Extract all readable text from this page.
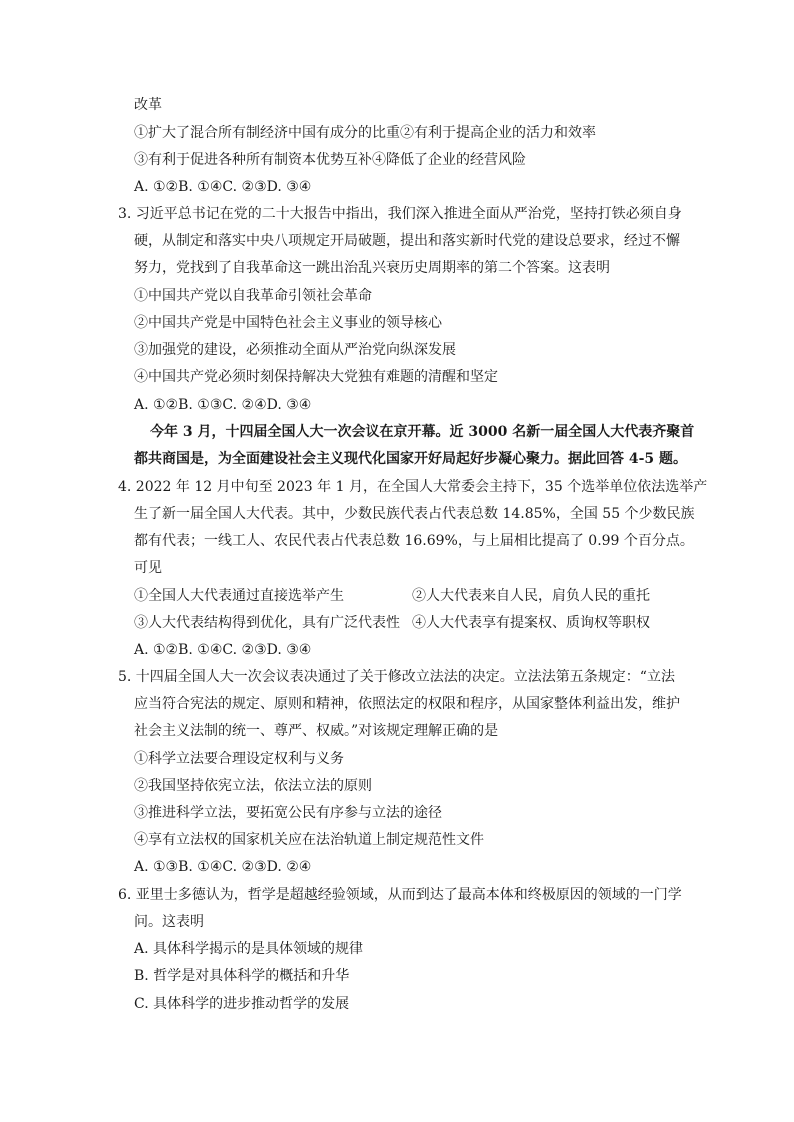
改革
①扩大了混合所有制经济中国有成分的比重②有利于提高企业的活力和效率
③有利于促进各种所有制资本优势互补④降低了企业的经营风险
A. ①②B. ①④C. ②③D. ③④
3. 习近平总书记在党的二十大报告中指出，我们深入推进全面从严治党，坚持打铁必须自身
硬，从制定和落实中央八项规定开局破题，提出和落实新时代党的建设总要求，经过不懈
努力，党找到了自我革命这一跳出治乱兴衰历史周期率的第二个答案。这表明
①中国共产党以自我革命引领社会革命
②中国共产党是中国特色社会主义事业的领导核心
③加强党的建设，必须推动全面从严治党向纵深发展
④中国共产党必须时刻保持解决大党独有难题的清醒和坚定
A. ①②B. ①③C. ②④D. ③④
今年 3 月，十四届全国人大一次会议在京开幕。近 3000 名新一届全国人大代表齐聚首
都共商国是，为全面建设社会主义现代化国家开好局起好步凝心聚力。据此回答 4-5 题。
4. 2022 年 12 月中旬至 2023 年 1 月，在全国人大常委会主持下，35 个选举单位依法选举产
生了新一届全国人大代表。其中，少数民族代表占代表总数 14.85%，全国 55 个少数民族
都有代表；一线工人、农民代表占代表总数 16.69%，与上届相比提高了 0.99 个百分点。
可见
①全国人大代表通过直接选举产生	②人大代表来自人民，肩负人民的重托
③人大代表结构得到优化，具有广泛代表性 ④人大代表享有提案权、质询权等职权
A. ①②B. ①④C. ②③D. ③④
5. 十四届全国人大一次会议表决通过了关于修改立法法的决定。立法法第五条规定：“立法
应当符合宪法的规定、原则和精神，依照法定的权限和程序，从国家整体利益出发，维护
社会主义法制的统一、尊严、权威。”对该规定理解正确的是
①科学立法要合理设定权利与义务
②我国坚持依宪立法，依法立法的原则
③推进科学立法，要拓宽公民有序参与立法的途径
④享有立法权的国家机关应在法治轨道上制定规范性文件
A. ①③B. ①④C. ②③D. ②④
6. 亚里士多德认为，哲学是超越经验领域，从而到达了最高本体和终极原因的领域的一门学
问。这表明
A. 具体科学揭示的是具体领域的规律
B. 哲学是对具体科学的概括和升华
C. 具体科学的进步推动哲学的发展
